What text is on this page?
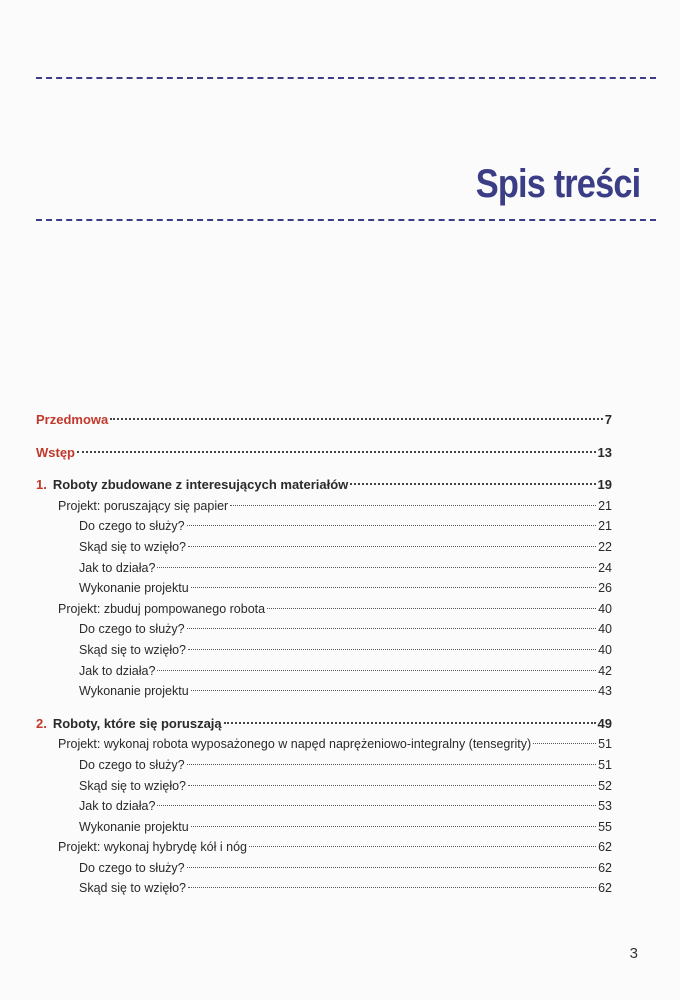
Spis treści
Przedmowa	7
Wstęp	13
1. Roboty zbudowane z interesujących materiałów	19
Projekt: poruszający się papier	21
Do czego to służy?	21
Skąd się to wzięło?	22
Jak to działa?	24
Wykonanie projektu	26
Projekt: zbuduj pompowanego robota	40
Do czego to służy?	40
Skąd się to wzięło?	40
Jak to działa?	42
Wykonanie projektu	43
2. Roboty, które się poruszają	49
Projekt: wykonaj robota wyposażonego w napęd naprężeniowo-integralny (tensegrity)	51
Do czego to służy?	51
Skąd się to wzięło?	52
Jak to działa?	53
Wykonanie projektu	55
Projekt: wykonaj hybrydę kół i nóg	62
Do czego to służy?	62
Skąd się to wzięło?	62
3
